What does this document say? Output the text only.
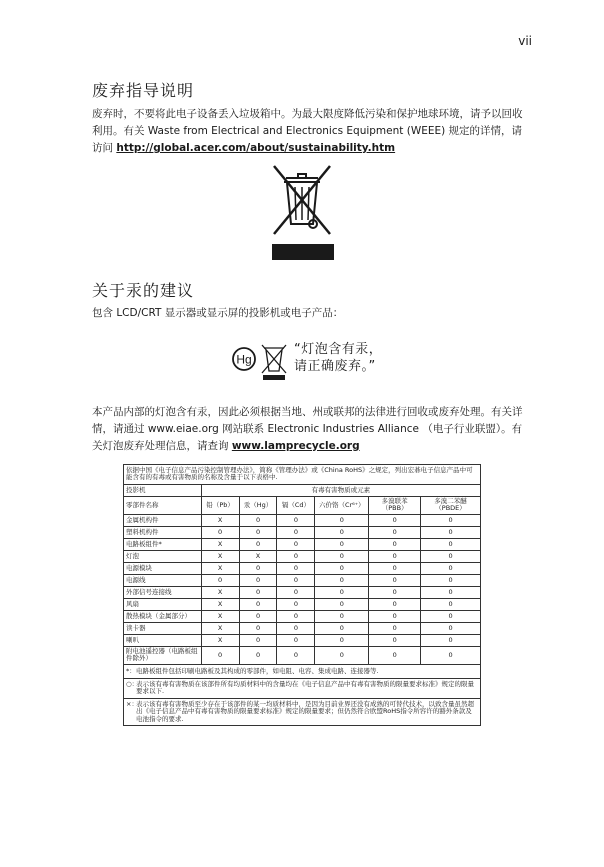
vii
废弃指导说明
废弃时，不要将此电子设备丢入垃圾箱中。为最大限度降低污染和保护地球环境，请予以回收利用。有关 Waste from Electrical and Electronics Equipment (WEEE) 规定的详情，请访问 http://global.acer.com/about/sustainability.htm
关于汞的建议
包含 LCD/CRT 显示器或显示屏的投影机或电子产品：
Hg
“灯泡含有汞，
请正确废弃。”
本产品内部的灯泡含有汞，因此必须根据当地、州或联邦的法律进行回收或废弃处理。有关详情，请通过 www.eiae.org 网站联系 Electronic Industries Alliance （电子行业联盟）。有关灯泡废弃处理信息，请查询 www.lamprecycle.org
依据中国《电子信息产品污染控制管理办法》，简称《管理办法》或《China RoHS》之规定，列出宏碁电子信息产品中可能含有的有毒或有害物质的名称及含量于以下表格中.						
投影机	有毒有害物质或元素					
零部件名称	铅（Pb）	汞（Hg）	镉（Cd）	六价铬（Cr⁶⁺）	多溴联苯（PBB）	多溴二苯醚（PBDE）
金属机构件	X	0	0	0	0	0
塑料机构件	0	0	0	0	0	0
电路板组件*	X	0	0	0	0	0
灯泡	X	X	0	0	0	0
电源模块	X	0	0	0	0	0
电源线	0	0	0	0	0	0
外部信号连接线	X	0	0	0	0	0
风扇	X	0	0	0	0	0
散热模块（金属部分）	X	0	0	0	0	0
读卡器	X	0	0	0	0	0
喇叭	X	0	0	0	0	0
附电池遥控器（电路板组件除外）	0	0	0	0	0	0

*： 电路板组件包括印刷电路板及其构成的零部件，如电阻、电容、集成电路、连接器等.						

○：
表示该有毒有害物质在该部件所有均质材料中的含量均在《电子信息产品中有毒有害物质的限量要求标准》规定的限量要求以下.						

×：
表示该有毒有害物质至少存在于该部件的某一均质材料中，是因为目前业界还没有成熟的可替代技术，以致含量虽然超出《电子信息产品中有毒有害物质的限量要求标准》规定的限量要求；但仍然符合欧盟RoHS指令所容许的豁外条款及电池指令的要求.						
